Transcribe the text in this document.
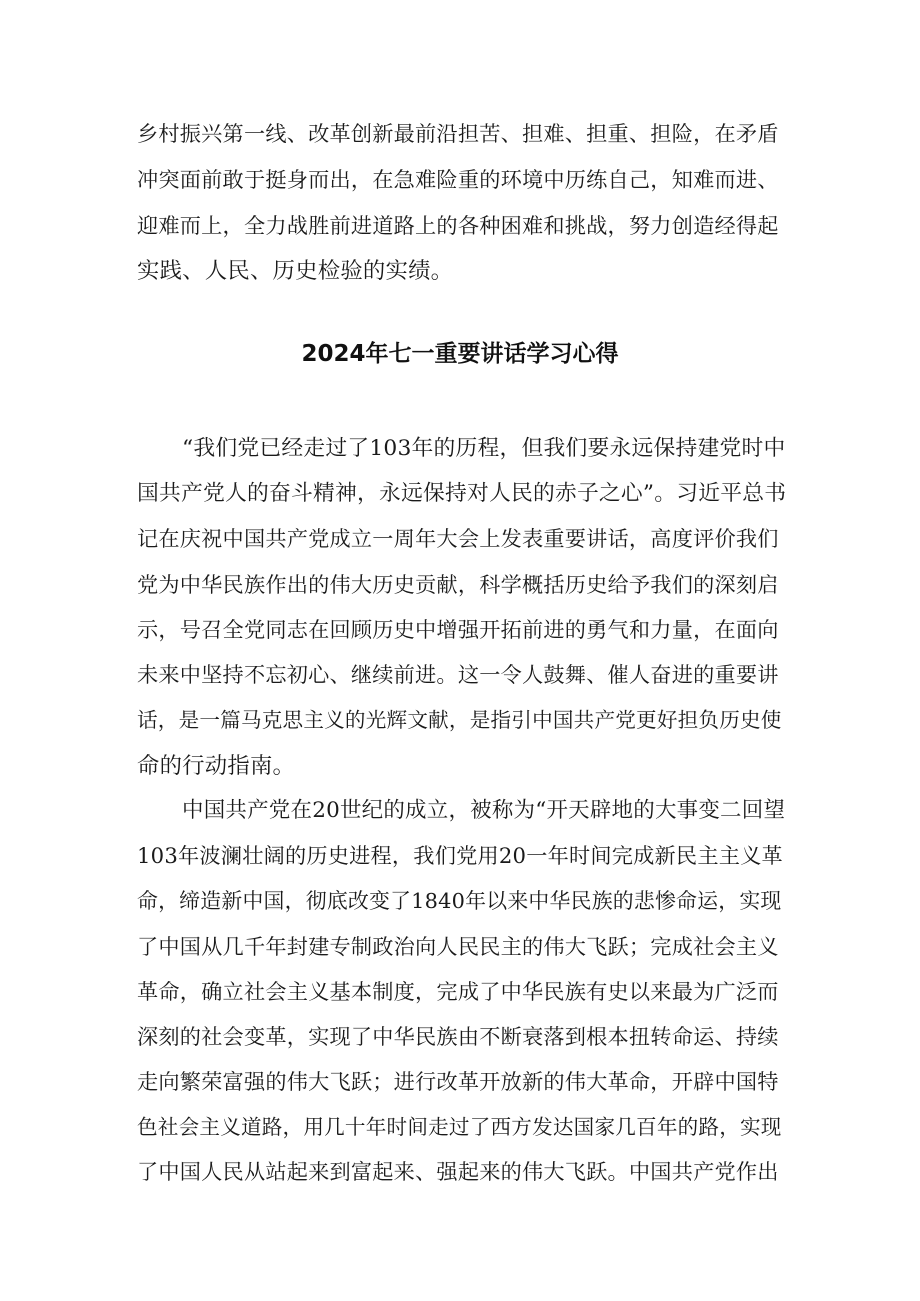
乡村振兴第一线、改革创新最前沿担苦、担难、担重、担险，在矛盾
冲突面前敢于挺身而出，在急难险重的环境中历练自己，知难而进、
迎难而上，全力战胜前进道路上的各种困难和挑战，努力创造经得起
实践、人民、历史检验的实绩。
2024年七一重要讲话学习心得
“我们党已经走过了103年的历程，但我们要永远保持建党时中
国共产党人的奋斗精神，永远保持对人民的赤子之心”。习近平总书
记在庆祝中国共产党成立一周年大会上发表重要讲话，高度评价我们
党为中华民族作出的伟大历史贡献，科学概括历史给予我们的深刻启
示，号召全党同志在回顾历史中增强开拓前进的勇气和力量，在面向
未来中坚持不忘初心、继续前进。这一令人鼓舞、催人奋进的重要讲
话，是一篇马克思主义的光辉文献，是指引中国共产党更好担负历史使
命的行动指南。
中国共产党在20世纪的成立，被称为“开天辟地的大事变二回望
103年波澜壮阔的历史进程，我们党用20一年时间完成新民主主义革
命，缔造新中国，彻底改变了1840年以来中华民族的悲惨命运，实现
了中国从几千年封建专制政治向人民民主的伟大飞跃；完成社会主义
革命，确立社会主义基本制度，完成了中华民族有史以来最为广泛而
深刻的社会变革，实现了中华民族由不断衰落到根本扭转命运、持续
走向繁荣富强的伟大飞跃；进行改革开放新的伟大革命，开辟中国特
色社会主义道路，用几十年时间走过了西方发达国家几百年的路，实现
了中国人民从站起来到富起来、强起来的伟大飞跃。中国共产党作出
